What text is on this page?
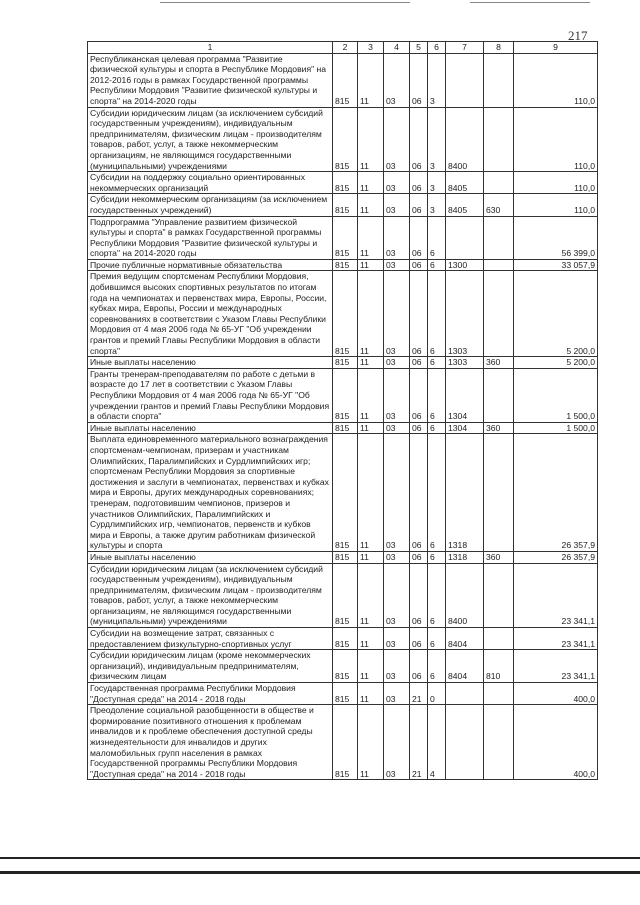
217
1	2	3	4	5	6	7	8	9
Республиканская целевая программа "Развитие физической культуры и спорта в Республике Мордовия" на 2012-2016 годы в рамках Государственной программы Республики Мордовия "Развитие физической культуры и спорта" на 2014-2020 годы	815	11	03	06	3			110,0
Субсидии юридическим лицам (за исключением субсидий государственным учреждениям), индивидуальным предпринимателям, физическим лицам - производителям товаров, работ, услуг, а также некоммерческим организациям, не являющимся государственными (муниципальными) учреждениями	815	11	03	06	3	8400		110,0
Субсидии на поддержку социально ориентированных некоммерческих организаций	815	11	03	06	3	8405		110,0
Субсидии некоммерческим организациям (за исключением государственных учреждений)	815	11	03	06	3	8405	630	110,0
Подпрограмма "Управление развитием физической культуры и спорта" в рамках Государственной программы Республики Мордовия "Развитие физической культуры и спорта" на 2014-2020 годы	815	11	03	06	6			56 399,0
Прочие публичные нормативные обязательства	815	11	03	06	6	1300		33 057,9
Премия ведущим спортсменам Республики Мордовия, добившимся высоких спортивных результатов по итогам года на чемпионатах и первенствах мира, Европы, России, кубках мира, Европы, России и международных соревнованиях в соответствии с Указом Главы Республики Мордовия от 4 мая 2006 года № 65-УГ "Об учреждении грантов и премий Главы Республики Мордовия в области спорта"	815	11	03	06	6	1303		5 200,0
Иные выплаты населению	815	11	03	06	6	1303	360	5 200,0
Гранты тренерам-преподавателям по работе с детьми в возрасте до 17 лет в соответствии с Указом Главы Республики Мордовия от 4 мая 2006 года № 65-УГ "Об учреждении грантов и премий Главы Республики Мордовия в области спорта"	815	11	03	06	6	1304		1 500,0
Иные выплаты населению	815	11	03	06	6	1304	360	1 500,0
Выплата единовременного материального вознаграждения спортсменам-чемпионам, призерам и участникам Олимпийских, Паралимпийских и Сурдлимпийских игр; спортсменам Республики Мордовия за спортивные достижения и заслуги в чемпионатах, первенствах и кубках мира и Европы, других международных соревнованиях; тренерам, подготовившим чемпионов, призеров и участников Олимпийских, Паралимпийских и Сурдлимпийских игр, чемпионатов, первенств и кубков мира и Европы, а также другим работникам физической культуры и спорта	815	11	03	06	6	1318		26 357,9
Иные выплаты населению	815	11	03	06	6	1318	360	26 357,9
Субсидии юридическим лицам (за исключением субсидий государственным учреждениям), индивидуальным предпринимателям, физическим лицам - производителям товаров, работ, услуг, а также некоммерческим организациям, не являющимся государственными (муниципальными) учреждениями	815	11	03	06	6	8400		23 341,1
Субсидии на возмещение затрат, связанных с предоставлением физкультурно-спортивных услуг	815	11	03	06	6	8404		23 341,1
Субсидии юридическим лицам (кроме некоммерческих организаций), индивидуальным предпринимателям, физическим лицам	815	11	03	06	6	8404	810	23 341,1
Государственная программа Республики Мордовия "Доступная среда" на 2014 - 2018 годы	815	11	03	21	0			400,0
Преодоление социальной разобщенности в обществе и формирование позитивного отношения к проблемам инвалидов и к проблеме обеспечения доступной среды жизнедеятельности для инвалидов и других маломобильных групп населения в рамках Государственной программы Республики Мордовия "Доступная среда" на 2014 - 2018 годы	815	11	03	21	4			400,0
